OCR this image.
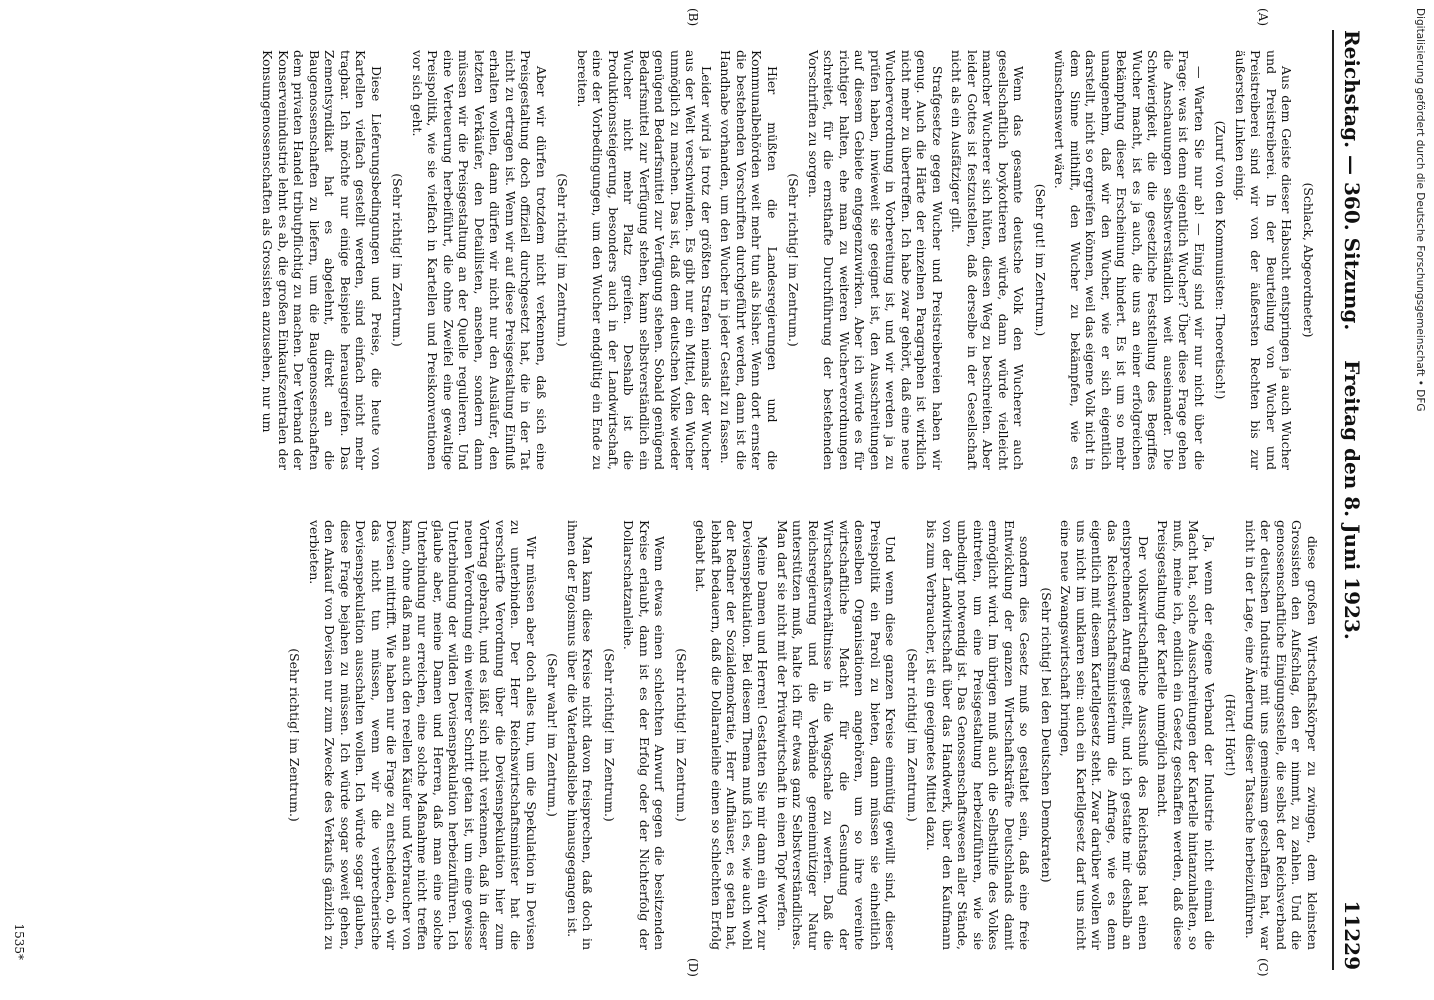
Reichstag. — 360. Sitzung.
Freitag den 8. Juni 1923.
11229
(A)
(B)
(C)
(D)

(Schlack, Abgeordneter)

Aus dem Geiste dieser Habsucht entspringen ja auch Wucher und Preistreiberei. In der Beurteilung von Wucher und Preistreiberei sind wir von der äußersten Rechten bis zur äußersten Linken einig.

(Zuruf von den Kommunisten: Theoretisch!)

— Warten Sie nur ab! — Einig sind wir nur nicht über die Frage: was ist denn eigentlich Wucher? Über diese Frage gehen die Anschauungen selbstverständlich weit auseinander. Die Schwierigkeit, die die gesetzliche Feststellung des Begriffes Wucher macht, ist es ja auch, die uns an einer erfolgreichen Bekämpfung dieser Erscheinung hindert. Es ist um so mehr unangenehm, daß wir den Wucher, wie er sich eigentlich darstellt, nicht so ergreifen können, weil das eigene Volk nicht in dem Sinne mithilft, den Wucher zu bekämpfen, wie es wünschenswert wäre.

(Sehr gut! im Zentrum.)

Wenn das gesamte deutsche Volk den Wucherer auch gesellschaftlich boykottieren würde, dann würde vielleicht mancher Wucherer sich hüten, diesen Weg zu beschreiten. Aber leider Gottes ist festzustellen, daß derselbe in der Gesellschaft nicht als ein Ausfätziger gilt.

Strafgesetze gegen Wucher und Preistreibereien haben wir genug. Auch die Härte der einzelnen Paragraphen ist wirklich nicht mehr zu übertreffen. Ich habe zwar gehört, daß eine neue Wucherverordnung in Vorbereitung ist, und wir werden ja zu prüfen haben, inwieweit sie geeignet ist, den Ausschreitungen auf diesem Gebiete entgegenzuwirken. Aber ich würde es für richtiger halten, ehe man zu weiteren Wucherverordnungen schreitet, für die ernsthafte Durchführung der bestehenden Vorschriften zu sorgen.

(Sehr richtig! im Zentrum.)

Hier müßten die Landesregierungen und die Kommunalbehörden weit mehr tun als bisher. Wenn dort ernster die bestehenden Vorschriften durchgeführt werden, dann ist die Handhabe vorhanden, um den Wucher in jeder Gestalt zu fassen.

Leider wird ja trotz der größten Strafen niemals der Wucher aus der Welt verschwinden. Es gibt nur ein Mittel, den Wucher unmöglich zu machen. Das ist, daß dem deutschen Volke wieder genügend Bedarfsmittel zur Verfügung stehen. Sobald genügend Bedarfsmittel zur Verfügung stehen, kann selbstverständlich ein Wucher nicht mehr Platz greifen. Deshalb ist die Produktionssteigerung, besonders auch in der Landwirtschaft, eine der Vorbedingungen, um den Wucher endgültig ein Ende zu bereiten.

(Sehr richtig! im Zentrum.)

Aber wir dürfen trotzdem nicht verkennen, daß sich eine Preisgestaltung doch offiziell durchgesetzt hat, die in der Tat nicht zu ertragen ist. Wenn wir auf diese Preisgestaltung Einfluß erhalten wollen, dann dürfen wir nicht nur den Ausläufer, den letzten Verkäufer, den Detaillisten, ansehen, sondern dann müssen wir die Preisgestaltung an der Quelle regulieren. Und eine Verteuerung herbeiführt, die ohne Zweifel eine gewaltige Preispolitik, wie sie vielfach in Kartellen und Preiskonventionen vor sich geht.

(Sehr richtig! im Zentrum.)

Diese Lieferungsbedingungen und Preise, die heute von Kartellen vielfach gestellt werden, sind einfach nicht mehr tragbar. Ich möchte nur einige Beispiele herausgreifen. Das Zementsyndikat hat es abgelehnt, direkt an die Baugenossenschaften zu liefern, um die Baugenossenschaften dem privaten Handel tributpflichtig zu machen. Der Verband der Konservenindustrie lehnt es ab, die großen Einkaufszentralen der Konsumgenossenschaften als Grossisten anzusehen, nur um

diese großen Wirtschaftskörper zu zwingen, dem kleinsten Grossisten den Aufschlag, den er nimmt, zu zahlen. Und die genossenschaftliche Einigungsstelle, die selbst der Reichsverband der deutschen Industrie mit uns gemeinsam geschaffen hat, war nicht in der Lage, eine Änderung dieser Tatsache herbeizuführen.

(Hört! Hört!)

Ja, wenn der eigene Verband der Industrie nicht einmal die Macht hat, solche Ausschreitungen der Kartelle hintanzuhalten, so muß, meine ich, endlich ein Gesetz geschaffen werden, daß diese Preisgestaltung der Kartelle unmöglich macht.

Der volkswirtschaftliche Ausschuß des Reichstags hat einen entsprechenden Antrag gestellt, und ich gestatte mir deshalb an das Reichswirtschaftsministerium die Anfrage, wie es denn eigentlich mit diesem Kartellgesetz steht. Zwar darüber wollen wir uns nicht im unklaren sein: auch ein Kartellgesetz darf uns nicht eine neue Zwangswirtschaft bringen,

(Sehr richtig! bei den Deutschen Demokraten)

sondern dies Gesetz muß so gestaltet sein, daß eine freie Entwicklung der ganzen Wirtschaftskräfte Deutschlands damit ermöglicht wird. Im übrigen muß auch die Selbsthilfe des Volkes eintreten, um eine Preisgestaltung herbeizuführen, wie sie unbedingt notwendig ist. Das Genossenschaftswesen aller Stände, von der Landwirtschaft über das Handwerk, über den Kaufmann bis zum Verbraucher, ist ein geeignetes Mittel dazu.

(Sehr richtig! im Zentrum.)

Und wenn diese ganzen Kreise einmütig gewillt sind, dieser Preispolitik ein Paroli zu bieten, dann müssen sie einheitlich denselben Organisationen angehören, um so ihre vereinte wirtschaftliche Macht für die Gesundung der Wirtschaftsverhältnisse in die Wagschale zu werfen. Daß die Reichsregierung und die Verbände gemeinnütziger Natur unterstützen muß, halte ich für etwas ganz Selbstverständliches. Man darf sie nicht mit der Privatwirtschaft in einen Topf werfen.

Meine Damen und Herren! Gestatten Sie mir dann ein Wort zur Devisenspekulation. Bei diesem Thema muß ich es, wie auch wohl der Redner der Sozialdemokratie, Herr Aufhäuser, es getan hat, lebhaft bedauern, daß die Dollaranleihe einen so schlechten Erfolg gehabt hat.

(Sehr richtig! im Zentrum.)

Wenn etwas einen schlechten Anwurf gegen die besitzenden Kreise erlaubt, dann ist es der Erfolg oder der Nichterfolg der Dollarschatzanleihe.

(Sehr richtig! im Zentrum.)

Man kann diese Kreise nicht davon freisprechen, daß doch in ihnen der Egoismus über die Vaterlandsliebe hinausgegangen ist.

(Sehr wahr! im Zentrum.)

Wir müssen aber doch alles tun, um die Spekulation in Devisen zu unterbinden. Der Herr Reichswirtschaftsminister hat die verschärfte Verordnung über die Devisenspekulation hier zum Vortrag gebracht, und es läßt sich nicht verkennen, daß in dieser neuen Verordnung ein weiterer Schritt getan ist, um eine gewisse Unterbindung der wilden Devisenspekulation herbeizuführen. Ich glaube aber, meine Damen und Herren, daß man eine solche Unterbindung nur erreichen, eine solche Maßnahme nicht treffen kann, ohne daß man auch den reellen Käufer und Verbraucher von Devisen mittrifft. Wie haben nur die Frage zu entscheiden, ob wir das nicht tun müssen, wenn wir die verbrecherische Devisenspekulation ausschalten wollen. Ich würde sogar glauben, diese Frage bejahen zu müssen. Ich würde sogar soweit gehen, den Ankauf von Devisen nur zum Zwecke des Verkaufs gänzlich zu verbieten.

(Sehr richtig! im Zentrum.)

1535*
Digitalisierung gefördert durch die Deutsche Forschungsgemeinschaft • DFG
